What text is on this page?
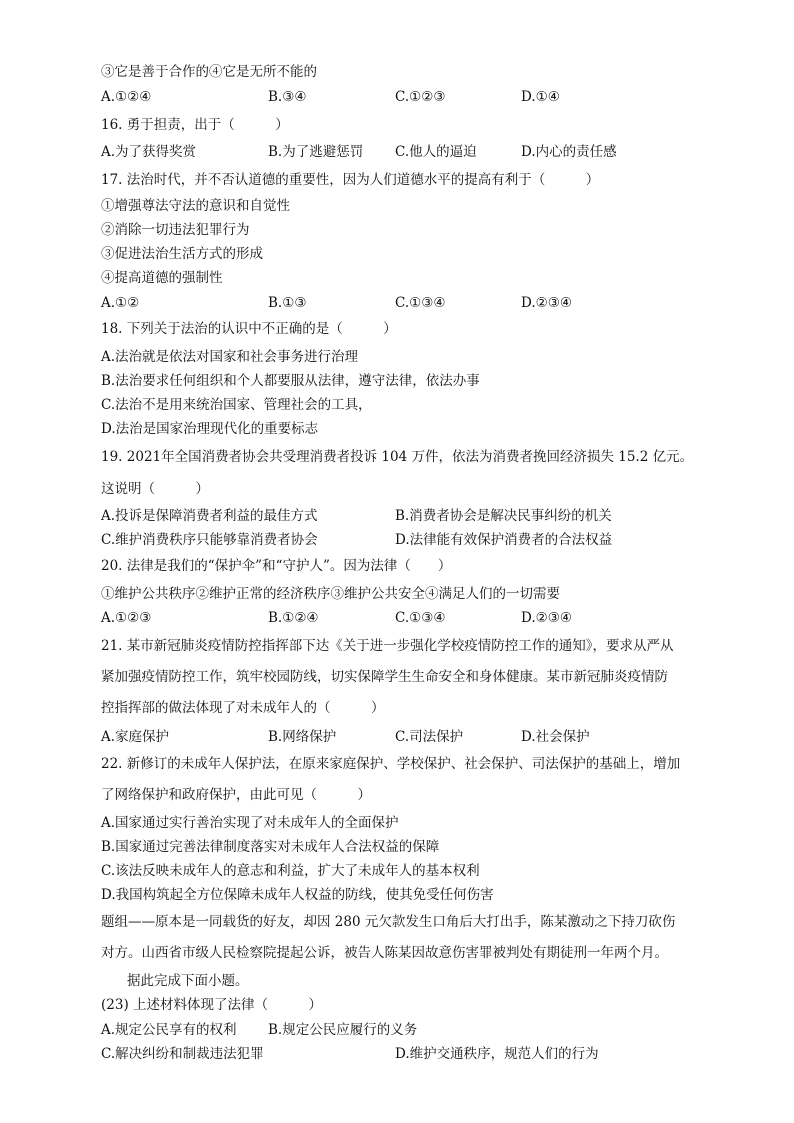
③它是善于合作的④它是无所不能的
A.①②④	B.③④	C.①②③	D.①④
16. 勇于担责，出于（　　　）
A.为了获得奖赏	B.为了逃避惩罚 C.他人的逼迫	D.内心的责任感
17. 法治时代，并不否认道德的重要性，因为人们道德水平的提高有利于（　　　）
①增强尊法守法的意识和自觉性
②消除一切违法犯罪行为
③促进法治生活方式的形成
④提高道德的强制性
A.①②	B.①③	C.①③④	D.②③④
18. 下列关于法治的认识中不正确的是（　　　）
A.法治就是依法对国家和社会事务进行治理
B.法治要求任何组织和个人都要服从法律，遵守法律，依法办事
C.法治不是用来统治国家、管理社会的工具，
D.法治是国家治理现代化的重要标志
19. 2021年全国消费者协会共受理消费者投诉 104 万件，依法为消费者挽回经济损失 15.2 亿元。
这说明（　　　）
A.投诉是保障消费者利益的最佳方式	B.消费者协会是解决民事纠纷的机关
C.维护消费秩序只能够靠消费者协会	D.法律能有效保护消费者的合法权益
20. 法律是我们的“保护伞”和“守护人”。因为法律（　　）
①维护公共秩序②维护正常的经济秩序③维护公共安全④满足人们的一切需要
A.①②③	B.①②④	C.①③④	D.②③④
21. 某市新冠肺炎疫情防控指挥部下达《关于进一步强化学校疫情防控工作的通知》，要求从严从
紧加强疫情防控工作，筑牢校园防线，切实保障学生生命安全和身体健康。某市新冠肺炎疫情防
控指挥部的做法体现了对未成年人的（　　　）
A.家庭保护	B.网络保护	C.司法保护	D.社会保护
22. 新修订的未成年人保护法，在原来家庭保护、学校保护、社会保护、司法保护的基础上，增加
了网络保护和政府保护，由此可见（　　　）
A.国家通过实行善治实现了对未成年人的全面保护
B.国家通过完善法律制度落实对未成年人合法权益的保障
C.该法反映未成年人的意志和利益，扩大了未成年人的基本权利
D.我国构筑起全方位保障未成年人权益的防线，使其免受任何伤害
题组——原本是一同载货的好友，却因 280 元欠款发生口角后大打出手，陈某激动之下持刀砍伤
对方。山西省市级人民检察院提起公诉，被告人陈某因故意伤害罪被判处有期徒刑一年两个月。
据此完成下面小题。
(23) 上述材料体现了法律（　　　）
A.规定公民享有的权利 B.规定公民应履行的义务
C.解决纠纷和制裁违法犯罪	D.维护交通秩序，规范人们的行为
